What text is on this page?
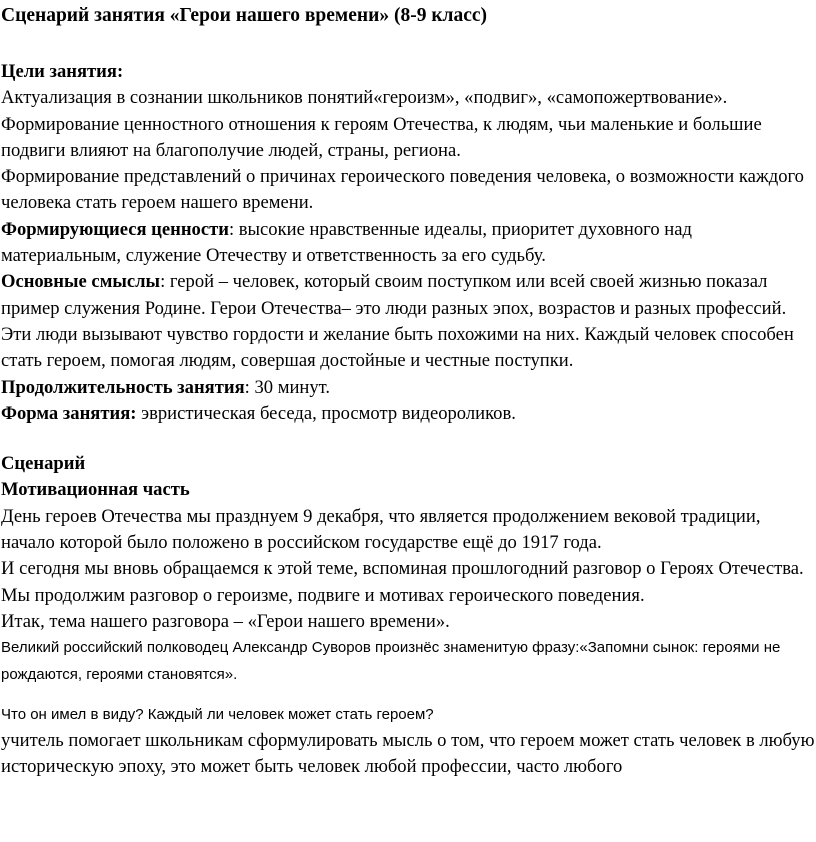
Сценарий занятия «Герои нашего времени» (8-9 класс)

Цели занятия:

Актуализация в сознании школьников понятий«героизм», «подвиг», «самопожертвование».

Формирование ценностного отношения к героям Отечества, к людям, чьи маленькие и большие подвиги влияют на благополучие людей, страны, региона.

Формирование представлений о причинах героического поведения человека, о возможности каждого человека стать героем нашего времени.

Формирующиеся ценности: высокие нравственные идеалы, приоритет духовного над материальным, служение Отечеству и ответственность за его судьбу.

Основные смыслы: герой – человек, который своим поступком или всей своей жизнью показал пример служения Родине. Герои Отечества– это люди разных эпох, возрастов и разных профессий. Эти люди вызывают чувство гордости и желание быть похожими на них. Каждый человек способен стать героем, помогая людям, совершая достойные и честные поступки.

Продолжительность занятия: 30 минут.

Форма занятия: эвристическая беседа, просмотр видеороликов.

Сценарий

Мотивационная часть

День героев Отечества мы празднуем 9 декабря, что является продолжением вековой традиции, начало которой было положено в российском государстве ещё до 1917 года.

И сегодня мы вновь обращаемся к этой теме, вспоминая прошлогодний разговор о Героях Отечества. Мы продолжим разговор о героизме, подвиге и мотивах героического поведения.

Итак, тема нашего разговора – «Герои нашего времени».

Великий российский полководец Александр Суворов произнёс знаменитую фразу:«Запомни сынок: героями не рождаются, героями становятся».

Что он имел в виду? Каждый ли человек может стать героем?

учитель помогает школьникам сформулировать мысль о том, что героем может стать человек в любую историческую эпоху, это может быть человек любой профессии, часто любого
